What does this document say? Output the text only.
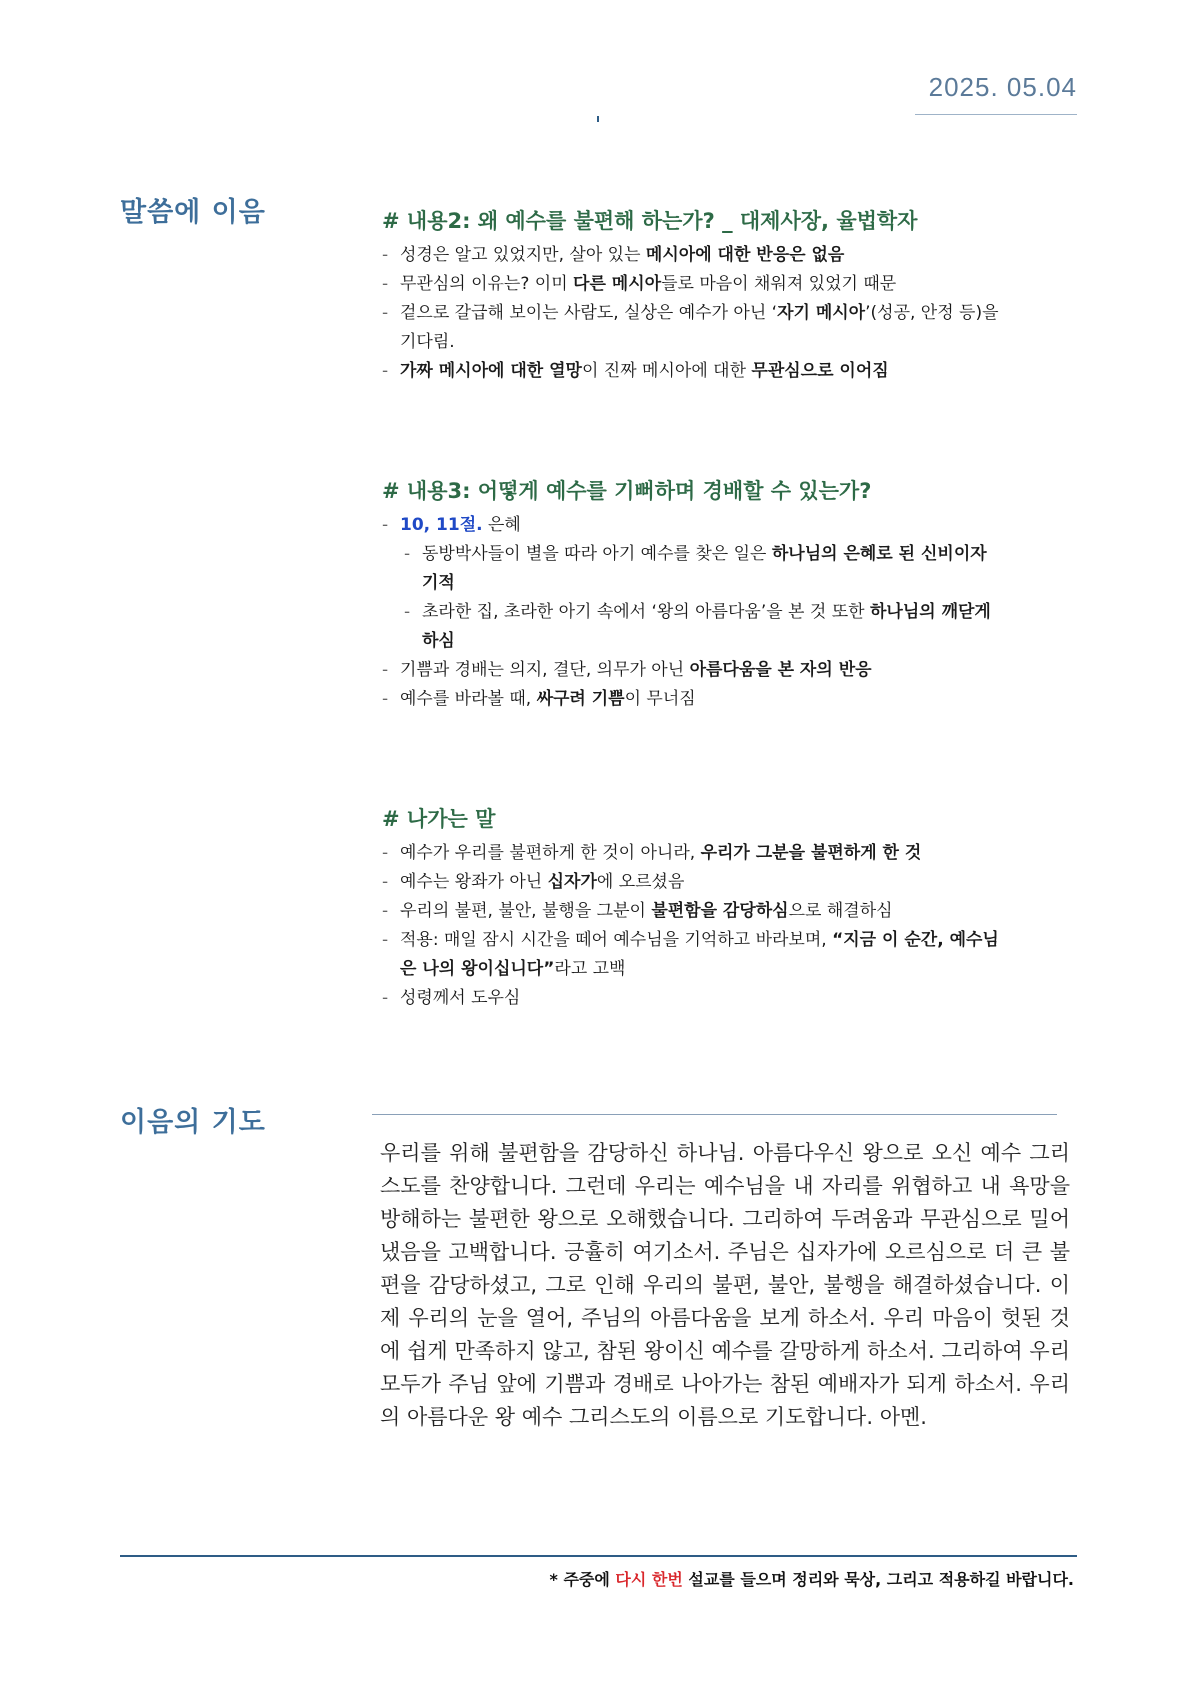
2025. 05.04
말씀에 이음	# 내용2: 왜 예수를 불편해 하는가? _ 대제사장, 율법학자
- 성경은 알고 있었지만, 살아 있는 메시아에 대한 반응은 없음
- 무관심의 이유는? 이미 다른 메시아들로 마음이 채워져 있었기 때문
- 겉으로 갈급해 보이는 사람도, 실상은 예수가 아닌 ‘자기 메시아’(성공, 안정 등)을 기다림.
- 가짜 메시아에 대한 열망이 진짜 메시아에 대한 무관심으로 이어짐
# 내용3: 어떻게 예수를 기뻐하며 경배할 수 있는가?
- 10, 11절. 은혜
- 동방박사들이 별을 따라 아기 예수를 찾은 일은 하나님의 은혜로 된 신비이자 기적
- 초라한 집, 초라한 아기 속에서 ‘왕의 아름다움’을 본 것 또한 하나님의 깨닫게 하심
- 기쁨과 경배는 의지, 결단, 의무가 아닌 아름다움을 본 자의 반응
- 예수를 바라볼 때, 싸구려 기쁨이 무너짐
# 나가는 말
- 예수가 우리를 불편하게 한 것이 아니라, 우리가 그분을 불편하게 한 것
- 예수는 왕좌가 아닌 십자가에 오르셨음
- 우리의 불편, 불안, 불행을 그분이 불편함을 감당하심으로 해결하심
- 적용: 매일 잠시 시간을 떼어 예수님을 기억하고 바라보며, “지금 이 순간, 예수님은 나의 왕이십니다”라고 고백
- 성령께서 도우심
이음의 기도
우리를 위해 불편함을 감당하신 하나님. 아름다우신 왕으로 오신 예수 그리스도를 찬양합니다. 그런데 우리는 예수님을 내 자리를 위협하고 내 욕망을 방해하는 불편한 왕으로 오해했습니다. 그리하여 두려움과 무관심으로 밀어냈음을 고백합니다. 긍휼히 여기소서. 주님은 십자가에 오르심으로 더 큰 불편을 감당하셨고, 그로 인해 우리의 불편, 불안, 불행을 해결하셨습니다. 이제 우리의 눈을 열어, 주님의 아름다움을 보게 하소서. 우리 마음이 헛된 것에 쉽게 만족하지 않고, 참된 왕이신 예수를 갈망하게 하소서. 그리하여 우리 모두가 주님 앞에 기쁨과 경배로 나아가는 참된 예배자가 되게 하소서. 우리의 아름다운 왕 예수 그리스도의 이름으로 기도합니다. 아멘.
* 주중에 다시 한번 설교를 들으며 정리와 묵상, 그리고 적용하길 바랍니다.
